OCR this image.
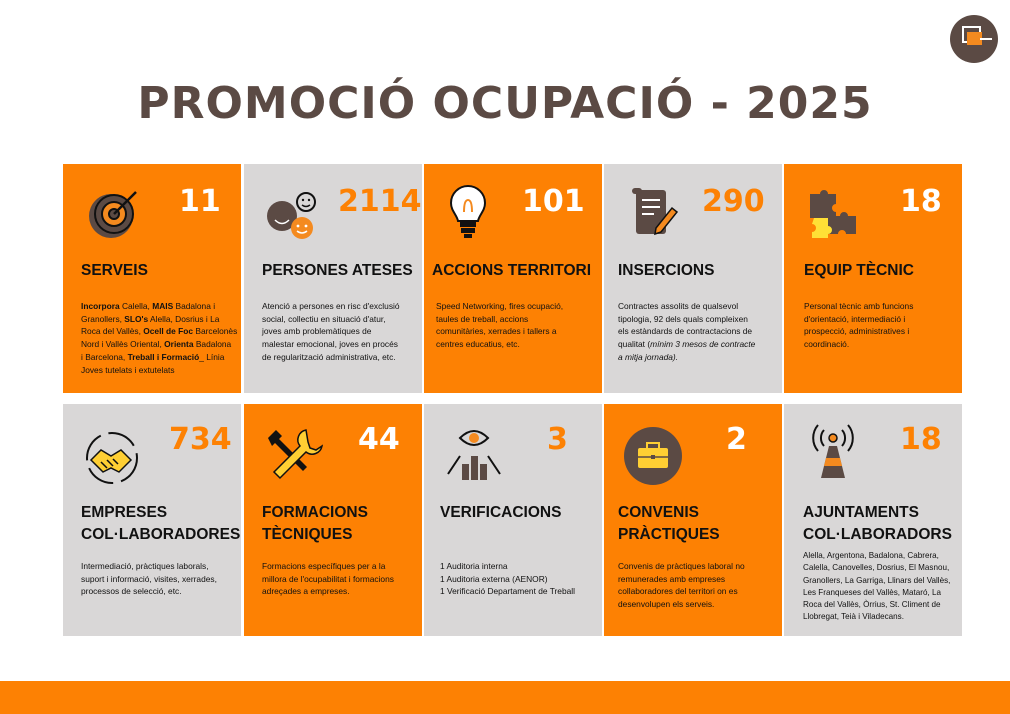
PROMOCIÓ OCUPACIÓ - 2025
11
SERVEIS
Incorpora Calella, MAIS Badalona i
Granollers, SLO's Alella, Dosrius i La
Roca del Vallès, Ocell de Foc Barcelonès
Nord i Vallès Oriental, Orienta Badalona
i Barcelona, Treball i Formació_ Línia
Joves tutelats i extutelats
2114
PERSONES ATESES
Atenció a persones en risc d'exclusió
social, collectiu en situació d'atur,
joves amb problemàtiques de
malestar emocional, joves en procés
de regularització administrativa, etc.
101
ACCIONS TERRITORI
Speed Networking, fires ocupació,
taules de treball, accions
comunitàries, xerrades i tallers a
centres educatius, etc.
290
INSERCIONS
Contractes assolits de qualsevol
tipologia, 92 dels quals compleixen
els estàndards de contractacions de
qualitat (mínim 3 mesos de contracte
a mitja jornada).
18
EQUIP TÈCNIC
Personal tècnic amb funcions
d'orientació, intermediació i
prospecció, administratives i
coordinació.
734
EMPRESES
COL·LABORADORES
Intermediació, pràctiques laborals,
suport i informació, visites, xerrades,
processos de selecció, etc.
44
FORMACIONS
TÈCNIQUES
Formacions específiques per a la
millora de l'ocupabilitat i formacions
adreçades a empreses.
3
VERIFICACIONS
1 Auditoria interna
1 Auditoria externa (AENOR)
1 Verificació Departament de Treball
2
CONVENIS
PRÀCTIQUES
Convenis de pràctiques laboral no
remunerades amb empreses
collaboradores del territori on es
desenvolupen els serveis.
18
AJUNTAMENTS
COL·LABORADORS
Alella, Argentona, Badalona, Cabrera,
Calella, Canovelles, Dosrius, El Masnou,
Granollers, La Garriga, Llinars del Vallès,
Les Franqueses del Vallès, Mataró, La
Roca del Vallès, Òrrius, St. Climent de
Llobregat, Teià i Viladecans.
